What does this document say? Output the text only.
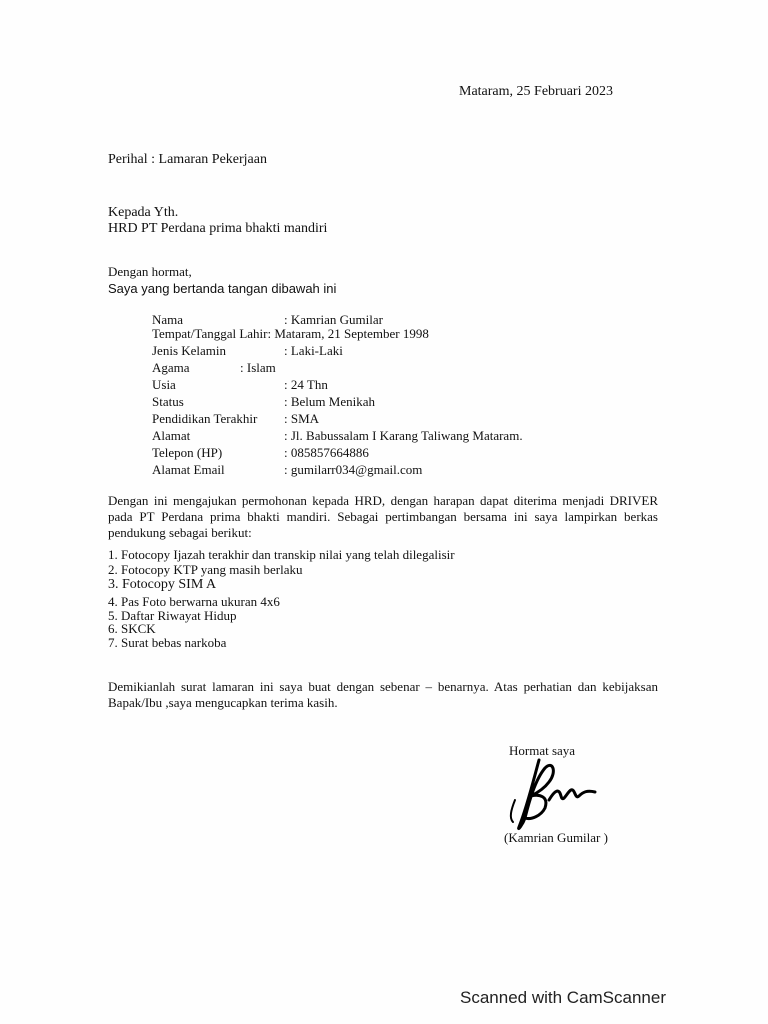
Mataram, 25 Februari 2023
Perihal : Lamaran Pekerjaan
Kepada Yth.
HRD PT Perdana prima bhakti mandiri
Dengan hormat,
Saya yang bertanda tangan dibawah ini
Nama	: Kamrian Gumilar
Tempat/Tanggal Lahir: Mataram, 21 September 1998
Jenis Kelamin	: Laki-Laki
Agama	: Islam
Usia	: 24 Thn
Status	: Belum Menikah
Pendidikan Terakhir : SMA
Alamat	: Jl. Babussalam I Karang Taliwang Mataram.
Telepon (HP)	: 085857664886
Alamat Email	: gumilarr034@gmail.com
Dengan ini mengajukan permohonan kepada HRD, dengan harapan dapat diterima menjadi DRIVER pada PT Perdana prima bhakti mandiri. Sebagai pertimbangan bersama ini saya lampirkan berkas pendukung sebagai berikut:
1. Fotocopy Ijazah terakhir dan transkip nilai yang telah dilegalisir
2. Fotocopy KTP yang masih berlaku
3. Fotocopy SIM A
4. Pas Foto berwarna ukuran 4x6
5. Daftar Riwayat Hidup
6. SKCK
7. Surat bebas narkoba
Demikianlah surat lamaran ini saya buat dengan sebenar – benarnya. Atas perhatian dan kebijaksan Bapak/Ibu ,saya mengucapkan terima kasih.
Hormat saya
(Kamrian Gumilar )
Scanned with CamScanner
